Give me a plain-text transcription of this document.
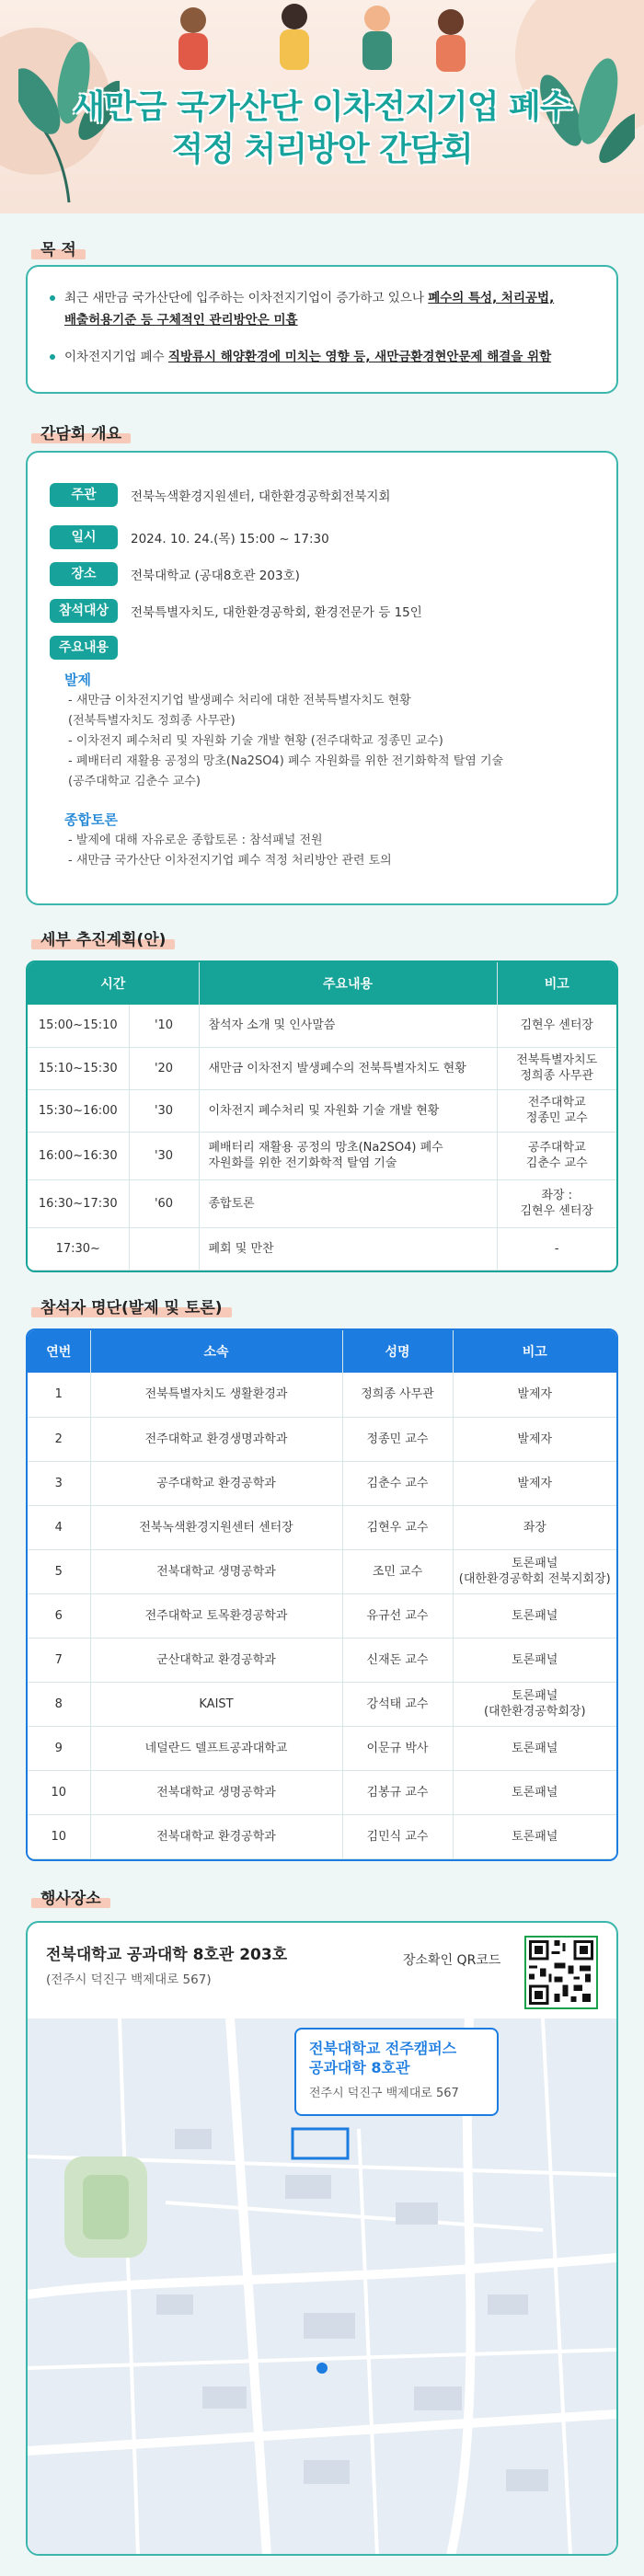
새만금 국가산단 이차전지기업 폐수
적정 처리방안 간담회
목 적
최근 새만금 국가산단에 입주하는 이차전지기업이 증가하고 있으나 폐수의 특성, 처리공법,
배출허용기준 등 구체적인 관리방안은 미흡
이차전지기업 폐수 직방류시 해양환경에 미치는 영향 등, 새만금환경현안문제 해결을 위함
간담회 개요
주관	전북녹색환경지원센터, 대한환경공학회전북지회
일시	2024. 10. 24.(목) 15:00 ~ 17:30
장소	전북대학교 (공대8호관 203호)
참석대상	전북특별자치도, 대한환경공학회, 환경전문가 등 15인
주요내용
발제
- 새만금 이차전지기업 발생폐수 처리에 대한 전북특별자치도 현황
(전북특별자치도 정희종 사무관)
- 이차전지 폐수처리 및 자원화 기술 개발 현황 (전주대학교 정종민 교수)
- 폐배터리 재활용 공정의 망초(Na2SO4) 폐수 자원화를 위한 전기화학적 탈염 기술
(공주대학교 김춘수 교수)
종합토론
- 발제에 대해 자유로운 종합토론 : 참석패널 전원
- 새만금 국가산단 이차전지기업 폐수 적정 처리방안 관련 토의
세부 추진계획(안)
시간		주요내용	비고
15:00~15:10	'10	참석자 소개 및 인사말씀	김현우 센터장
15:10~15:30	'20	새만금 이차전지 발생폐수의 전북특별자치도 현황	전북특별자치도
정희종 사무관
15:30~16:00	'30	이차전지 폐수처리 및 자원화 기술 개발 현황	전주대학교
정종민 교수
16:00~16:30	'30	폐배터리 재활용 공정의 망초(Na2SO4) 폐수
자원화를 위한 전기화학적 탈염 기술	공주대학교
김춘수 교수
16:30~17:30	'60	종합토론	좌장 :
김현우 센터장
17:30~		폐회 및 만찬	-
참석자 명단(발제 및 토론)
연번	소속	성명	비고
1	전북특별자치도 생활환경과	정희종 사무관	발제자
2	전주대학교 환경생명과학과	정종민 교수	발제자
3	공주대학교 환경공학과	김춘수 교수	발제자
4	전북녹색환경지원센터 센터장	김현우 교수	좌장
5	전북대학교 생명공학과	조민 교수	토론패널
(대한환경공학회 전북지회장)
6	전주대학교 토목환경공학과	유규선 교수	토론패널
7	군산대학교 환경공학과	신재돈 교수	토론패널
8	KAIST	강석태 교수	토론패널
(대한환경공학회장)
9	네덜란드 델프트공과대학교	이문규 박사	토론패널
10	전북대학교 생명공학과	김봉규 교수	토론패널
10	전북대학교 환경공학과	김민식 교수	토론패널
행사장소
전북대학교 공과대학 8호관 203호
(전주시 덕진구 백제대로 567)
장소확인 QR코드
전북대학교 전주캠퍼스
공과대학 8호관
전주시 덕진구 백제대로 567
